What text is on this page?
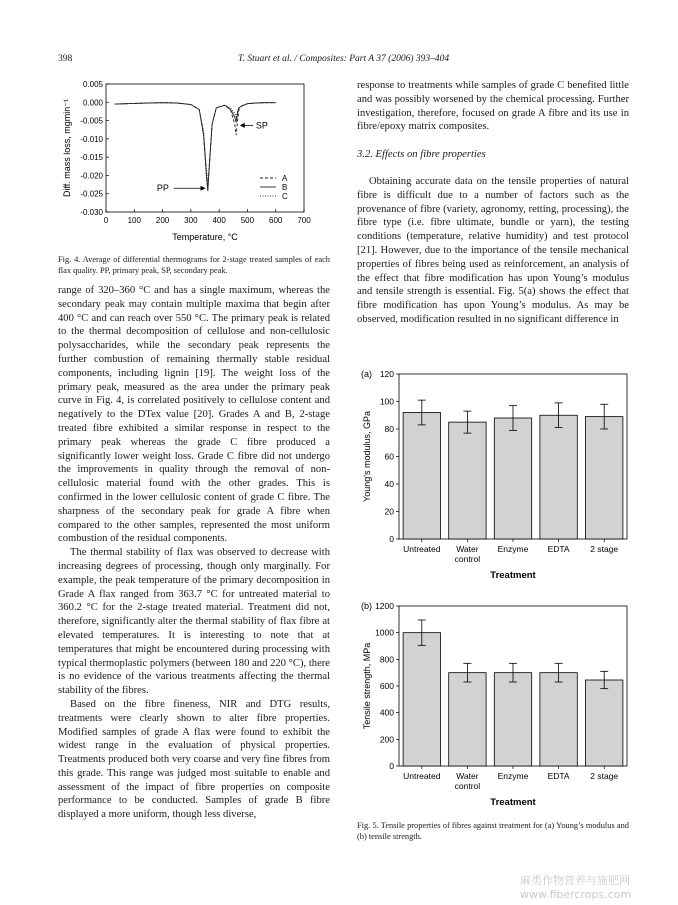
398	T. Stuart et al. / Composites: Part A 37 (2006) 393–404
0 100 200 300 400 500 600 700
0.005
0.000
-0.005
-0.010
-0.015
-0.020
-0.025
-0.030
Temperature, °C
Diff. mass loss, mgmin⁻¹	A
B
C
PP
SP
Fig. 4. Average of differential thermograms for 2-stage treated samples of each flax quality. PP, primary peak, SP, secondary peak.

range of 320–360 °C and has a single maximum, whereas the secondary peak may contain multiple maxima that begin after 400 °C and can reach over 550 °C. The primary peak is related to the thermal decomposition of cellulose and non-cellulosic polysaccharides, while the secondary peak represents the further combustion of remaining thermally stable residual components, including lignin [19]. The weight loss of the primary peak, measured as the area under the primary peak curve in Fig. 4, is correlated positively to cellulose content and negatively to the DTex value [20]. Grades A and B, 2-stage treated fibre exhibited a similar response in respect to the primary peak whereas the grade C fibre produced a significantly lower weight loss. Grade C fibre did not undergo the improvements in quality through the removal of non-cellulosic material found with the other grades. This is confirmed in the lower cellulosic content of grade C fibre. The sharpness of the secondary peak for grade A fibre when compared to the other samples, represented the most uniform combustion of the residual components.

The thermal stability of flax was observed to decrease with increasing degrees of processing, though only marginally. For example, the peak temperature of the primary decomposition in Grade A flax ranged from 363.7 °C for untreated material to 360.2 °C for the 2-stage treated material. Treatment did not, therefore, significantly alter the thermal stability of flax fibre at elevated temperatures. It is interesting to note that at temperatures that might be encountered during processing with typical thermoplastic polymers (between 180 and 220 °C), there is no evidence of the various treatments affecting the thermal stability of the fibres.

Based on the fibre fineness, NIR and DTG results, treatments were clearly shown to alter fibre properties. Modified samples of grade A flax were found to exhibit the widest range in the evaluation of physical properties. Treatments produced both very coarse and very fine fibres from this grade. This range was judged most suitable to enable and assessment of the impact of fibre properties on composite performance to be conducted. Samples of grade B fibre displayed a more uniform, though less diverse,

response to treatments while samples of grade C benefited little and was possibly worsened by the chemical processing. Further investigation, therefore, focused on grade A fibre and its use in fibre/epoxy matrix composites.

3.2. Effects on fibre properties

Obtaining accurate data on the tensile properties of natural fibre is difficult due to a number of factors such as the provenance of fibre (variety, agronomy, retting, processing), the fibre type (i.e. fibre ultimate, bundle or yarn), the testing conditions (temperature, relative humidity) and test protocol [21]. However, due to the importance of the tensile mechanical properties of fibres being used as reinforcement, an analysis of the effect that fibre modification has upon Young’s modulus and tensile strength is essential. Fig. 5(a) shows the effect that fibre modification has upon Young’s modulus. As may be observed, modification resulted in no significant difference in

(a)
0
20
40
60
80
100
120
Untreated Water
control
Enzyme EDTA 2 stage
Treatment
Young's modulus, GPa
(b)
0
200
400
600
800
1000
1200
Untreated Water
control
Enzyme EDTA 2 stage
Treatment
Tensile strength, MPa
Fig. 5. Tensile properties of fibres against treatment for (a) Young’s modulus and (b) tensile strength.
麻类作物营养与施肥网 www.fibercrops.com
